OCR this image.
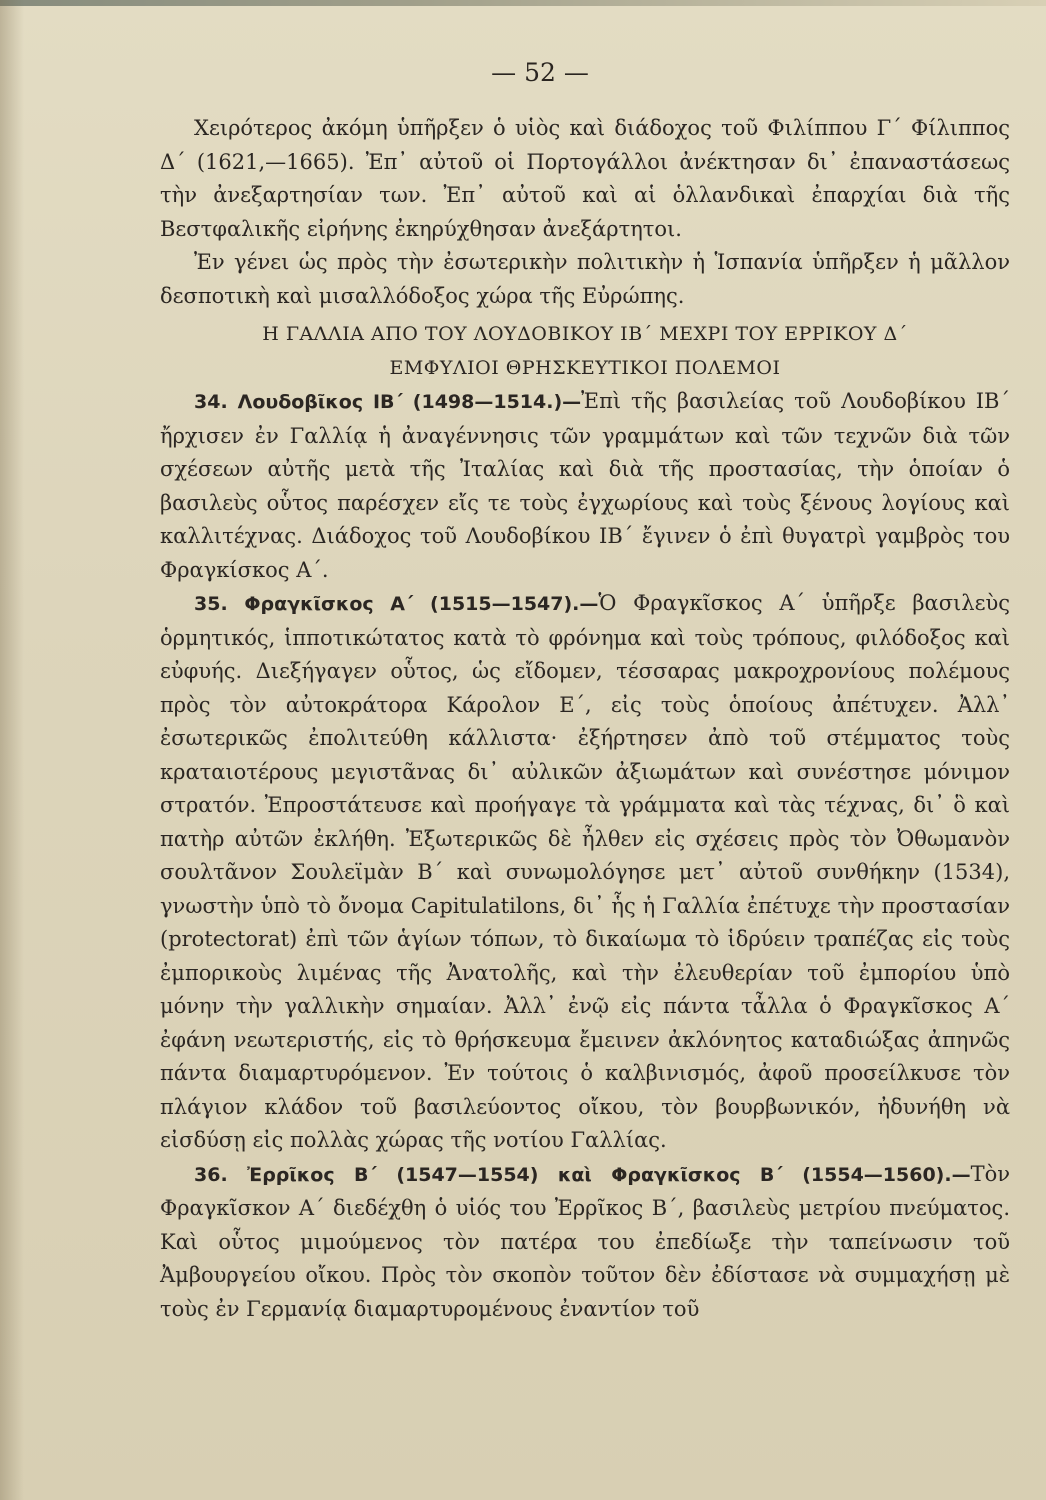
— 52 —

Χειρότερος ἀκόμη ὑπῆρξεν ὁ υἱὸς καὶ διάδοχος τοῦ Φιλίππου Γ΄ Φίλιππος Δ΄ (1621,—1665). Ἐπ᾽ αὐτοῦ οἱ Πορτογάλλοι ἀνέκτησαν δι᾽ ἐπαναστάσεως τὴν ἀνεξαρτησίαν των. Ἐπ᾽ αὐτοῦ καὶ αἱ ὁλλανδικαὶ ἐπαρχίαι διὰ τῆς Βεστφαλικῆς εἰρήνης ἐκηρύχθησαν ἀνεξάρτητοι.

Ἐν γένει ὡς πρὸς τὴν ἐσωτερικὴν πολιτικὴν ἡ Ἱσπανία ὑπῆρξεν ἡ μᾶλλον δεσποτικὴ καὶ μισαλλόδοξος χώρα τῆς Εὐρώπης.

Η ΓΑΛΛΙΑ ΑΠΟ ΤΟΥ ΛΟΥΔΟΒΙΚΟΥ ΙΒ΄ ΜΕΧΡΙ ΤΟΥ ΕΡΡΙΚΟΥ Δ΄

ΕΜΦΥΛΙΟΙ ΘΡΗΣΚΕΥΤΙΚΟΙ ΠΟΛΕΜΟΙ

34. Λουδοβῖκος ΙΒ΄ (1498—1514.)—Ἐπὶ τῆς βασιλείας τοῦ Λουδοβίκου ΙΒ΄ ἤρχισεν ἐν Γαλλίᾳ ἡ ἀναγέννησις τῶν γραμμάτων καὶ τῶν τεχνῶν διὰ τῶν σχέσεων αὐτῆς μετὰ τῆς Ἰταλίας καὶ διὰ τῆς προστασίας, τὴν ὁποίαν ὁ βασιλεὺς οὗτος παρέσχεν εἴς τε τοὺς ἐγχωρίους καὶ τοὺς ξένους λογίους καὶ καλλιτέχνας. Διάδοχος τοῦ Λουδοβίκου ΙΒ΄ ἔγινεν ὁ ἐπὶ θυγατρὶ γαμβρὸς του Φραγκίσκος Α΄.

35. Φραγκῖσκος Α΄ (1515—1547).—Ὁ Φραγκῖσκος Α΄ ὑπῆρξε βασιλεὺς ὁρμητικός, ἱπποτικώτατος κατὰ τὸ φρόνημα καὶ τοὺς τρόπους, φιλόδοξος καὶ εὐφυής. Διεξήγαγεν οὗτος, ὡς εἴδομεν, τέσσαρας μακροχρονίους πολέμους πρὸς τὸν αὐτοκράτορα Κάρολον Ε΄, εἰς τοὺς ὁποίους ἀπέτυχεν. Ἀλλ᾽ ἐσωτερικῶς ἐπολιτεύθη κάλλιστα· ἐξήρτησεν ἀπὸ τοῦ στέμματος τοὺς κραταιοτέρους μεγιστᾶνας δι᾽ αὐλικῶν ἀξιωμάτων καὶ συνέστησε μόνιμον στρατόν. Ἐπροστάτευσε καὶ προήγαγε τὰ γράμματα καὶ τὰς τέχνας, δι᾽ ὃ καὶ πατὴρ αὐτῶν ἐκλήθη. Ἐξωτερικῶς δὲ ἦλθεν εἰς σχέσεις πρὸς τὸν Ὀθωμανὸν σουλτᾶνον Σουλεϊμὰν Β΄ καὶ συνωμολόγησε μετ᾽ αὐτοῦ συνθήκην (1534), γνωστὴν ὑπὸ τὸ ὄνομα Capitulatilons, δι᾽ ἧς ἡ Γαλλία ἐπέτυχε τὴν προστασίαν (protectorat) ἐπὶ τῶν ἁγίων τόπων, τὸ δικαίωμα τὸ ἱδρύειν τραπέζας εἰς τοὺς ἐμπορικοὺς λιμένας τῆς Ἀνατολῆς, καὶ τὴν ἐλευθερίαν τοῦ ἐμπορίου ὑπὸ μόνην τὴν γαλλικὴν σημαίαν. Ἀλλ᾽ ἐνῷ εἰς πάντα τἆλλα ὁ Φραγκῖσκος Α΄ ἐφάνη νεωτεριστής, εἰς τὸ θρήσκευμα ἔμεινεν ἀκλόνητος καταδιώξας ἀπηνῶς πάντα διαμαρτυρόμενον. Ἐν τούτοις ὁ καλβινισμός, ἀφοῦ προσείλκυσε τὸν πλάγιον κλάδον τοῦ βασιλεύοντος οἴκου, τὸν βουρβωνικόν, ἠδυνήθη νὰ εἰσδύσῃ εἰς πολλὰς χώρας τῆς νοτίου Γαλλίας.

36. Ἐρρῖκος Β΄ (1547—1554) καὶ Φραγκῖσκος Β΄ (1554—1560).—Τὸν Φραγκῖσκον Α΄ διεδέχθη ὁ υἱός του Ἐρρῖκος Β΄, βασιλεὺς μετρίου πνεύματος. Καὶ οὗτος μιμούμενος τὸν πατέρα του ἐπεδίωξε τὴν ταπείνωσιν τοῦ Ἀμβουργείου οἴκου. Πρὸς τὸν σκοπὸν τοῦτον δὲν ἐδίστασε νὰ συμμαχήσῃ μὲ τοὺς ἐν Γερμανίᾳ διαμαρτυρομένους ἐναντίον τοῦ
